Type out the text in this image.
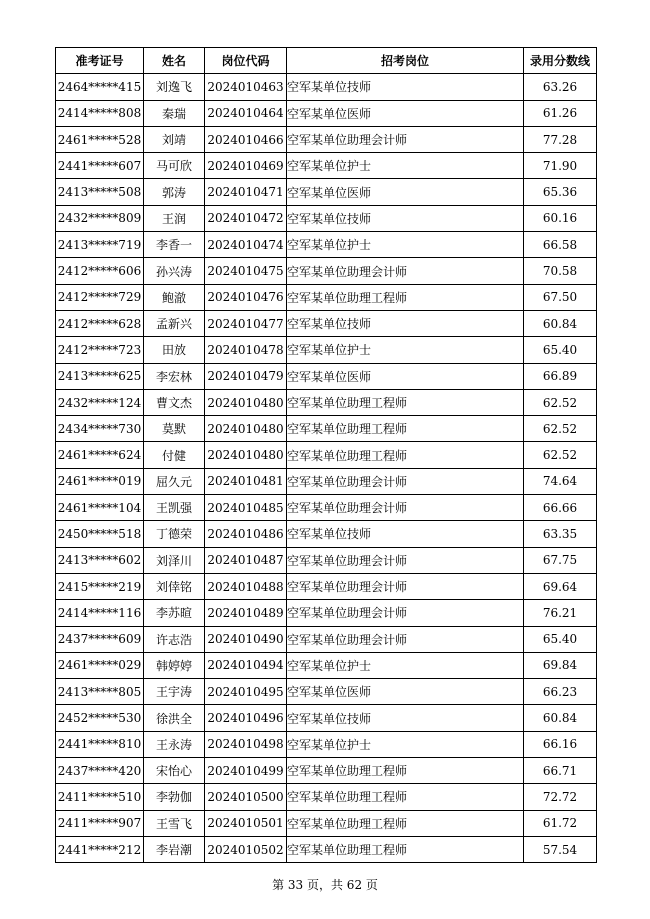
准考证号	姓名	岗位代码	招考岗位	录用分数线
2464*****415	刘逸飞	2024010463	空军某单位技师	63.26
2414*****808	秦瑞	2024010464	空军某单位医师	61.26
2461*****528	刘靖	2024010466	空军某单位助理会计师	77.28
2441*****607	马可欣	2024010469	空军某单位护士	71.90
2413*****508	郭涛	2024010471	空军某单位医师	65.36
2432*****809	王润	2024010472	空军某单位技师	60.16
2413*****719	李香一	2024010474	空军某单位护士	66.58
2412*****606	孙兴涛	2024010475	空军某单位助理会计师	70.58
2412*****729	鲍澈	2024010476	空军某单位助理工程师	67.50
2412*****628	孟新兴	2024010477	空军某单位技师	60.84
2412*****723	田放	2024010478	空军某单位护士	65.40
2413*****625	李宏林	2024010479	空军某单位医师	66.89
2432*****124	曹文杰	2024010480	空军某单位助理工程师	62.52
2434*****730	莫默	2024010480	空军某单位助理工程师	62.52
2461*****624	付健	2024010480	空军某单位助理工程师	62.52
2461*****019	屈久元	2024010481	空军某单位助理会计师	74.64
2461*****104	王凯强	2024010485	空军某单位助理会计师	66.66
2450*****518	丁德荣	2024010486	空军某单位技师	63.35
2413*****602	刘泽川	2024010487	空军某单位助理会计师	67.75
2415*****219	刘倖铭	2024010488	空军某单位助理会计师	69.64
2414*****116	李苏暄	2024010489	空军某单位助理会计师	76.21
2437*****609	许志浩	2024010490	空军某单位助理会计师	65.40
2461*****029	韩婷婷	2024010494	空军某单位护士	69.84
2413*****805	王宇涛	2024010495	空军某单位医师	66.23
2452*****530	徐洪全	2024010496	空军某单位技师	60.84
2441*****810	王永涛	2024010498	空军某单位护士	66.16
2437*****420	宋怡心	2024010499	空军某单位助理工程师	66.71
2411*****510	李勃伽	2024010500	空军某单位助理工程师	72.72
2411*****907	王雪飞	2024010501	空军某单位助理工程师	61.72
2441*****212	李岩潮	2024010502	空军某单位助理工程师	57.54
第 33 页，共 62 页
